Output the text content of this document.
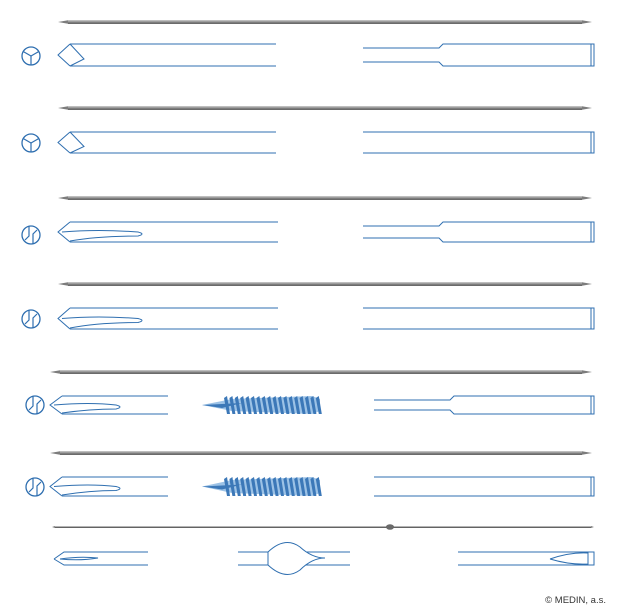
© MEDIN, a.s.
